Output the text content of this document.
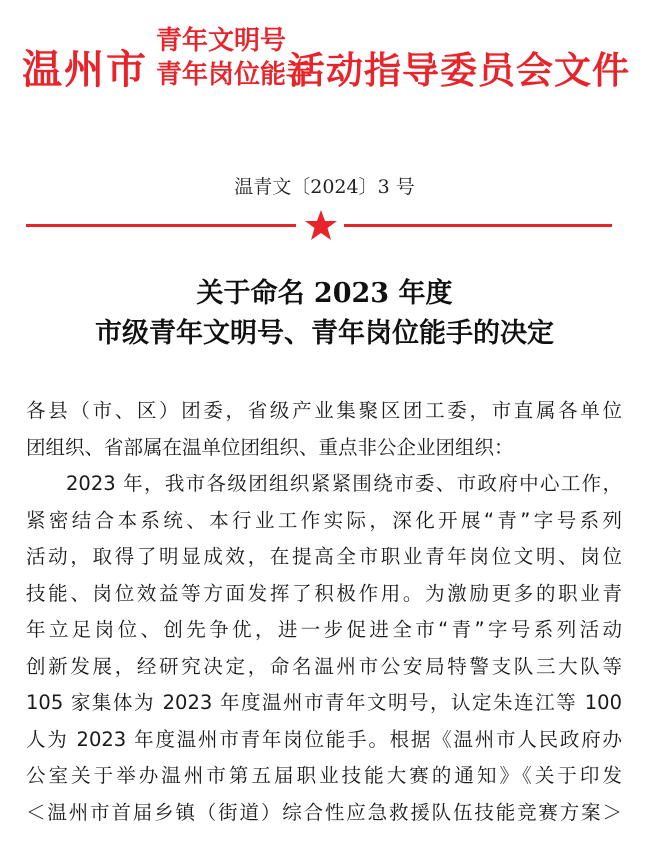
温州市
青年文明号
青年岗位能手
活动指导委员会文件
温青文〔2024〕3 号
关于命名 2023 年度
市级青年文明号、青年岗位能手的决定
各县（市、区）团委，省级产业集聚区团工委，市直属各单位
团组织、省部属在温单位团组织、重点非公企业团组织：
2023 年，我市各级团组织紧紧围绕市委、市政府中心工作，
紧密结合本系统、本行业工作实际，深化开展“青”字号系列
活动，取得了明显成效，在提高全市职业青年岗位文明、岗位
技能、岗位效益等方面发挥了积极作用。为激励更多的职业青
年立足岗位、创先争优，进一步促进全市“青”字号系列活动
创新发展，经研究决定，命名温州市公安局特警支队三大队等
105 家集体为 2023 年度温州市青年文明号，认定朱连江等 100
人为 2023 年度温州市青年岗位能手。根据《温州市人民政府办
公室关于举办温州市第五届职业技能大赛的通知》《关于印发
＜温州市首届乡镇（街道）综合性应急救援队伍技能竞赛方案＞
